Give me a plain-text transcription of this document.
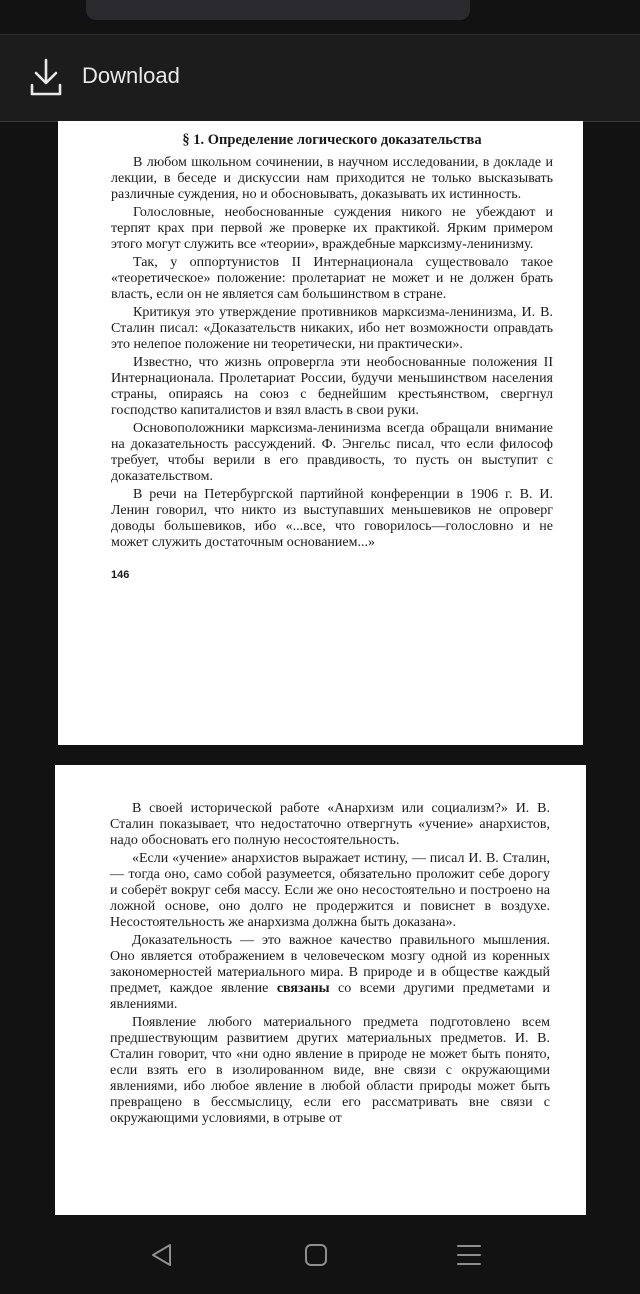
Download
§ 1. Определение логического доказательства

В любом школьном сочинении, в научном исследовании, в докладе и лекции, в беседе и дискуссии нам приходится не только высказывать различные суждения, но и обосновывать, доказывать их истинность.

Голословные, необоснованные суждения никого не убеждают и терпят крах при первой же проверке их практикой. Ярким примером этого могут служить все «теории», враждебные марксизму-ленинизму.

Так, у оппортунистов II Интернационала существовало такое «теоретическое» положение: пролетариат не может и не должен брать власть, если он не является сам большинством в стране.

Критикуя это утверждение противников марксизма-ленинизма, И. В. Сталин писал: «Доказательств никаких, ибо нет возможности оправдать это нелепое положение ни теоретически, ни практически».

Известно, что жизнь опровергла эти необоснованные положения II Интернационала. Пролетариат России, будучи меньшинством населения страны, опираясь на союз с беднейшим крестьянством, свергнул господство капиталистов и взял власть в свои руки.

Основоположники марксизма-ленинизма всегда обращали внимание на доказательность рассуждений. Ф. Энгельс писал, что если философ требует, чтобы верили в его правдивость, то пусть он выступит с доказательством.

В речи на Петербургской партийной конференции в 1906 г. В. И. Ленин говорил, что никто из выступавших меньшевиков не опроверг доводы большевиков, ибо «...все, что говорилось—голословно и не может служить достаточным основанием...»

146

В своей исторической работе «Анархизм или социализм?» И. В. Сталин показывает, что недостаточно отвергнуть «учение» анархистов, надо обосновать его полную несостоятельность.

«Если «учение» анархистов выражает истину, — писал И. В. Сталин, — тогда оно, само собой разумеется, обязательно проложит себе дорогу и соберёт вокруг себя массу. Если же оно несостоятельно и построено на ложной основе, оно долго не продержится и повиснет в воздухе. Несостоятельность же анархизма должна быть доказана».

Доказательность — это важное качество правильного мышления. Оно является отображением в человеческом мозгу одной из коренных закономерностей материального мира. В природе и в обществе каждый предмет, каждое явление связаны со всеми другими предметами и явлениями.

Появление любого материального предмета подготовлено всем предшествующим развитием других материальных предметов. И. В. Сталин говорит, что «ни одно явление в природе не может быть понято, если взять его в изолированном виде, вне связи с окружающими явлениями, ибо любое явление в любой области природы может быть превращено в бессмыслицу, если его рассматривать вне связи с окружающими условиями, в отрыве от
